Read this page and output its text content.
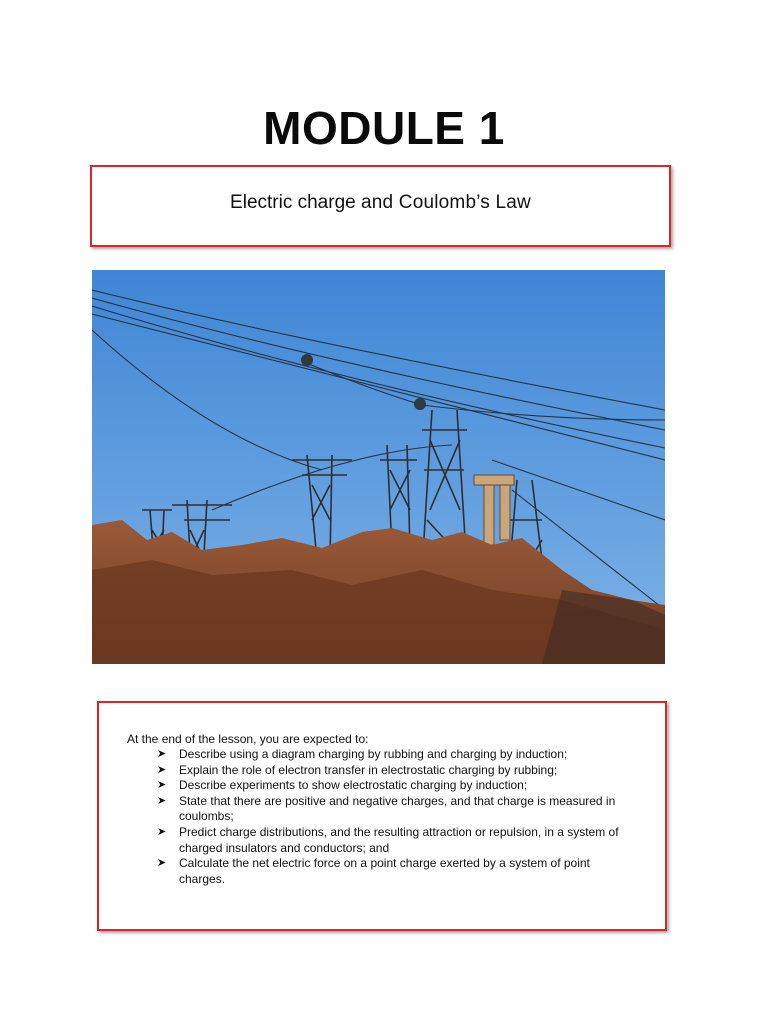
MODULE 1
Electric charge and Coulomb’s Law

At the end of the lesson, you are expected to:

➤ Describe using a diagram charging by rubbing and charging by induction;
➤ Explain the role of electron transfer in electrostatic charging by rubbing;
➤ Describe experiments to show electrostatic charging by induction;
➤ State that there are positive and negative charges, and that charge is measured in coulombs;
➤ Predict charge distributions, and the resulting attraction or repulsion, in a system of charged insulators and conductors; and
➤ Calculate the net electric force on a point charge exerted by a system of point charges.
